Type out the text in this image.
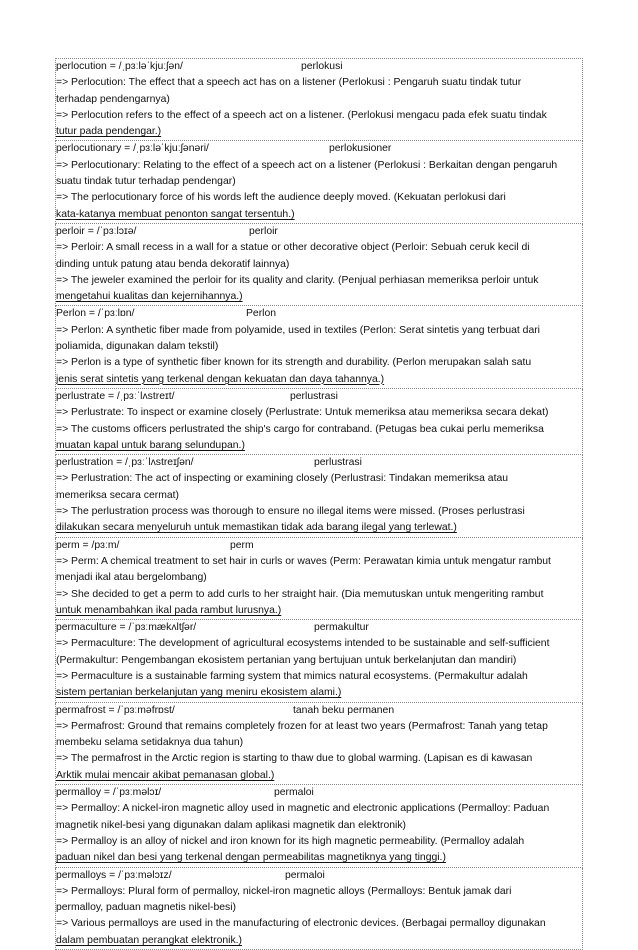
perlocution = /ˌpɜːləˈkjuːʃən/	perlokusi
=> Perlocution: The effect that a speech act has on a listener (Perlokusi : Pengaruh suatu tindak tutur
terhadap pendengarnya)
=> Perlocution refers to the effect of a speech act on a listener. (Perlokusi mengacu pada efek suatu tindak
tutur pada pendengar.)
perlocutionary = /ˌpɜːləˈkjuːʃənəri/	perlokusioner
=> Perlocutionary: Relating to the effect of a speech act on a listener (Perlokusi : Berkaitan dengan pengaruh
suatu tindak tutur terhadap pendengar)
=> The perlocutionary force of his words left the audience deeply moved. (Kekuatan perlokusi dari
kata-katanya membuat penonton sangat tersentuh.)
perloir = /ˈpɜːlɔɪə/	perloir
=> Perloir: A small recess in a wall for a statue or other decorative object (Perloir: Sebuah ceruk kecil di
dinding untuk patung atau benda dekoratif lainnya)
=> The jeweler examined the perloir for its quality and clarity. (Penjual perhiasan memeriksa perloir untuk
mengetahui kualitas dan kejernihannya.)
Perlon = /ˈpɜːlɒn/	Perlon
=> Perlon: A synthetic fiber made from polyamide, used in textiles (Perlon: Serat sintetis yang terbuat dari
poliamida, digunakan dalam tekstil)
=> Perlon is a type of synthetic fiber known for its strength and durability. (Perlon merupakan salah satu
jenis serat sintetis yang terkenal dengan kekuatan dan daya tahannya.)
perlustrate = /ˌpɜːˈlʌstreɪt/	perlustrasi
=> Perlustrate: To inspect or examine closely (Perlustrate: Untuk memeriksa atau memeriksa secara dekat)
=> The customs officers perlustrated the ship's cargo for contraband. (Petugas bea cukai perlu memeriksa
muatan kapal untuk barang selundupan.)
perlustration = /ˌpɜːˈlʌstreɪʃən/	perlustrasi
=> Perlustration: The act of inspecting or examining closely (Perlustrasi: Tindakan memeriksa atau
memeriksa secara cermat)
=> The perlustration process was thorough to ensure no illegal items were missed. (Proses perlustrasi
dilakukan secara menyeluruh untuk memastikan tidak ada barang ilegal yang terlewat.)
perm = /pɜːm/	perm
=> Perm: A chemical treatment to set hair in curls or waves (Perm: Perawatan kimia untuk mengatur rambut
menjadi ikal atau bergelombang)
=> She decided to get a perm to add curls to her straight hair. (Dia memutuskan untuk mengeriting rambut
untuk menambahkan ikal pada rambut lurusnya.)
permaculture = /ˈpɜːmækʌltʃər/	permakultur
=> Permaculture: The development of agricultural ecosystems intended to be sustainable and self-sufficient
(Permakultur: Pengembangan ekosistem pertanian yang bertujuan untuk berkelanjutan dan mandiri)
=> Permaculture is a sustainable farming system that mimics natural ecosystems. (Permakultur adalah
sistem pertanian berkelanjutan yang meniru ekosistem alami.)
permafrost = /ˈpɜːməfrɒst/	tanah beku permanen
=> Permafrost: Ground that remains completely frozen for at least two years (Permafrost: Tanah yang tetap
membeku selama setidaknya dua tahun)
=> The permafrost in the Arctic region is starting to thaw due to global warming. (Lapisan es di kawasan
Arktik mulai mencair akibat pemanasan global.)
permalloy = /ˈpɜːməlɔɪ/	permaloi
=> Permalloy: A nickel-iron magnetic alloy used in magnetic and electronic applications (Permalloy: Paduan
magnetik nikel-besi yang digunakan dalam aplikasi magnetik dan elektronik)
=> Permalloy is an alloy of nickel and iron known for its high magnetic permeability. (Permalloy adalah
paduan nikel dan besi yang terkenal dengan permeabilitas magnetiknya yang tinggi.)
permalloys = /ˈpɜːməlɔɪz/	permaloi
=> Permalloys: Plural form of permalloy, nickel-iron magnetic alloys (Permalloys: Bentuk jamak dari
permalloy, paduan magnetis nikel-besi)
=> Various permalloys are used in the manufacturing of electronic devices. (Berbagai permalloy digunakan
dalam pembuatan perangkat elektronik.)
